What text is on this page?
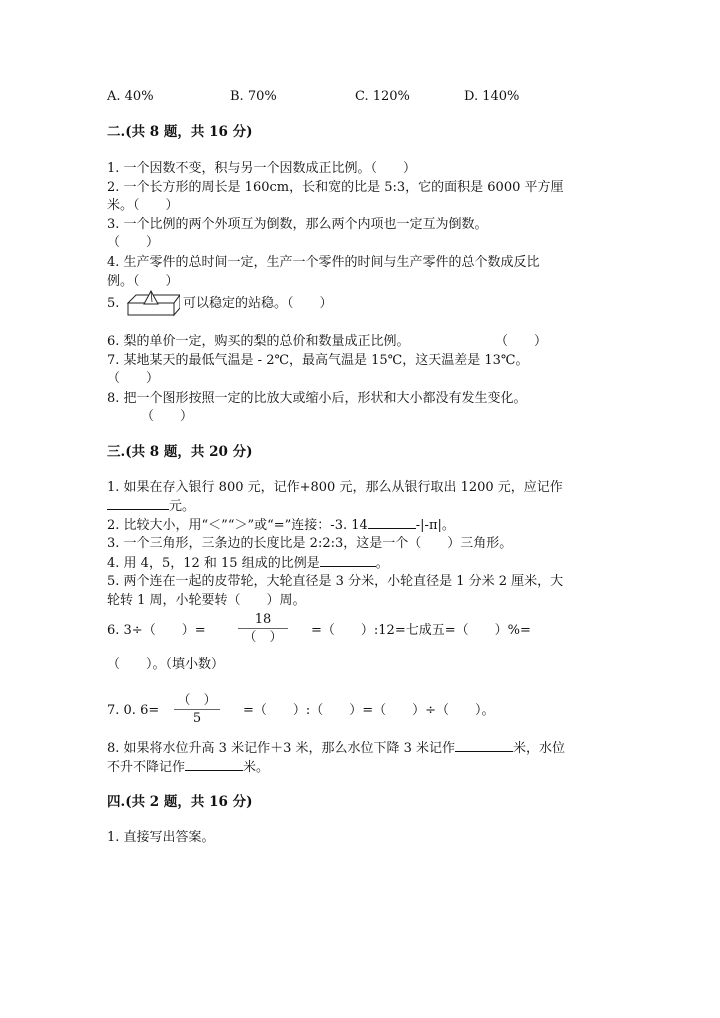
A. 40%	B. 70%	C. 120%	D. 140%
二.(共 8 题，共 16 分)
1. 一个因数不变，积与另一个因数成正比例。（　　）
2. 一个长方形的周长是 160cm，长和宽的比是 5:3，它的面积是 6000 平方厘
米。（　　）
3. 一个比例的两个外项互为倒数，那么两个内项也一定互为倒数。
（　　）
4. 生产零件的总时间一定，生产一个零件的时间与生产零件的总个数成反比
例。（　　）
5.	可以稳定的站稳。（　　）
6. 梨的单价一定，购买的梨的总价和数量成正比例。	（　　）
7. 某地某天的最低气温是 - 2℃，最高气温是 15℃，这天温差是 13℃。
（　　）
8. 把一个图形按照一定的比放大或缩小后，形状和大小都没有发生变化。
（　　）
三.(共 8 题，共 20 分)
1. 如果在存入银行 800 元，记作+800 元，那么从银行取出 1200 元，应记作
元。
2. 比较大小，用“＜”“＞”或“=”连接：-3. 14	-|-π|。
3. 一个三角形，三条边的长度比是 2:2:3，这是一个（　　）三角形。
4. 用 4，5，12 和 15 组成的比例是	。
5. 两个连在一起的皮带轮，大轮直径是 3 分米，小轮直径是 1 分米 2 厘米，大
轮转 1 周，小轮要转（　　）周。
6. 3÷（　　）=
18
（　）	=（　　）:12=七成五=（　　）%=
（　　）。（填小数）
7. 0. 6=
（　）
5
=（　　）:（　　）=（　　）÷（　　）。
8. 如果将水位升高 3 米记作＋3 米，那么水位下降 3 米记作	米，水位
不升不降记作	米。
四.(共 2 题，共 16 分)
1. 直接写出答案。
